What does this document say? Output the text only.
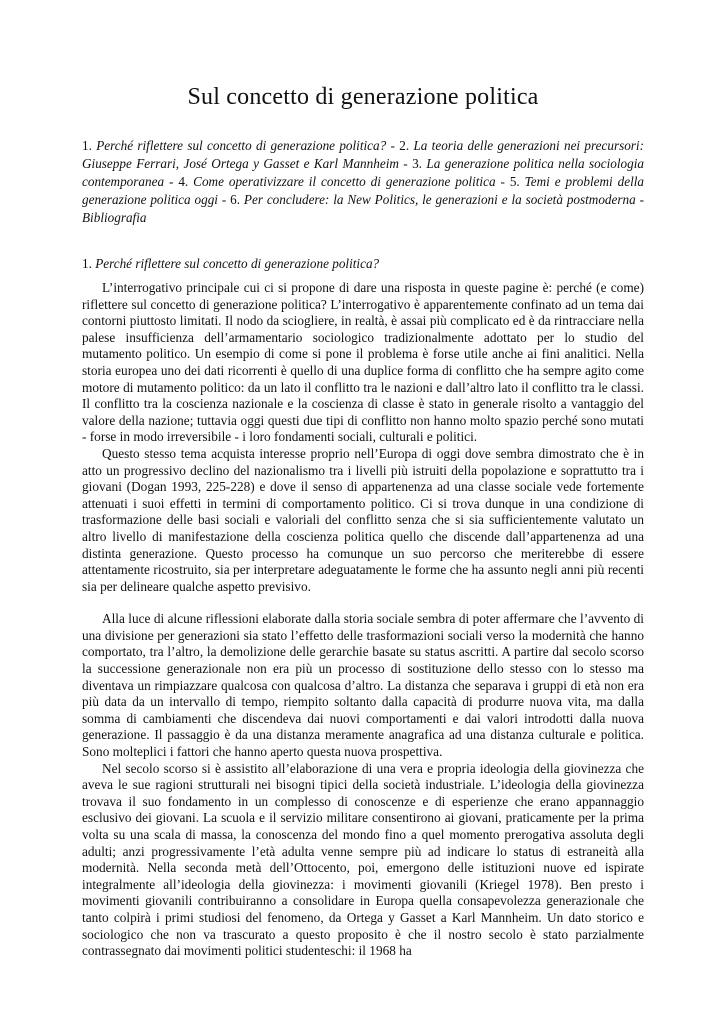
Sul concetto di generazione politica

1. Perché riflettere sul concetto di generazione politica? - 2. La teoria delle generazioni nei precursori: Giuseppe Ferrari, José Ortega y Gasset e Karl Mannheim - 3. La generazione politica nella sociologia contemporanea - 4. Come operativizzare il concetto di generazione politica - 5. Temi e problemi della generazione politica oggi - 6. Per concludere: la New Politics, le generazioni e la società postmoderna - Bibliografia

1. Perché riflettere sul concetto di generazione politica?

L’interrogativo principale cui ci si propone di dare una risposta in queste pagine è: perché (e come) riflettere sul concetto di generazione politica? L’interrogativo è apparentemente confinato ad un tema dai contorni piuttosto limitati. Il nodo da sciogliere, in realtà, è assai più complicato ed è da rintracciare nella palese insufficienza dell’armamentario sociologico tradizionalmente adottato per lo studio del mutamento politico. Un esempio di come si pone il problema è forse utile anche ai fini analitici. Nella storia europea uno dei dati ricorrenti è quello di una duplice forma di conflitto che ha sempre agito come motore di mutamento politico: da un lato il conflitto tra le nazioni e dall’altro lato il conflitto tra le classi. Il conflitto tra la coscienza nazionale e la coscienza di classe è stato in generale risolto a vantaggio del valore della nazione; tuttavia oggi questi due tipi di conflitto non hanno molto spazio perché sono mutati - forse in modo irreversibile - i loro fondamenti sociali, culturali e politici.

Questo stesso tema acquista interesse proprio nell’Europa di oggi dove sembra dimostrato che è in atto un progressivo declino del nazionalismo tra i livelli più istruiti della popolazione e soprattutto tra i giovani (Dogan 1993, 225-228) e dove il senso di appartenenza ad una classe sociale vede fortemente attenuati i suoi effetti in termini di comportamento politico. Ci si trova dunque in una condizione di trasformazione delle basi sociali e valoriali del conflitto senza che si sia sufficientemente valutato un altro livello di manifestazione della coscienza politica quello che discende dall’appartenenza ad una distinta generazione. Questo processo ha comunque un suo percorso che meriterebbe di essere attentamente ricostruito, sia per interpretare adeguatamente le forme che ha assunto negli anni più recenti sia per delineare qualche aspetto previsivo.

Alla luce di alcune riflessioni elaborate dalla storia sociale sembra di poter affermare che l’avvento di una divisione per generazioni sia stato l’effetto delle trasformazioni sociali verso la modernità che hanno comportato, tra l’altro, la demolizione delle gerarchie basate su status ascritti. A partire dal secolo scorso la successione generazionale non era più un processo di sostituzione dello stesso con lo stesso ma diventava un rimpiazzare qualcosa con qualcosa d’altro. La distanza che separava i gruppi di età non era più data da un intervallo di tempo, riempito soltanto dalla capacità di produrre nuova vita, ma dalla somma di cambiamenti che discendeva dai nuovi comportamenti e dai valori introdotti dalla nuova generazione. Il passaggio è da una distanza meramente anagrafica ad una distanza culturale e politica. Sono molteplici i fattori che hanno aperto questa nuova prospettiva.

Nel secolo scorso si è assistito all’elaborazione di una vera e propria ideologia della giovinezza che aveva le sue ragioni strutturali nei bisogni tipici della società industriale. L’ideologia della giovinezza trovava il suo fondamento in un complesso di conoscenze e di esperienze che erano appannaggio esclusivo dei giovani. La scuola e il servizio militare consentirono ai giovani, praticamente per la prima volta su una scala di massa, la conoscenza del mondo fino a quel momento prerogativa assoluta degli adulti; anzi progressivamente l’età adulta venne sempre più ad indicare lo status di estraneità alla modernità. Nella seconda metà dell’Ottocento, poi, emergono delle istituzioni nuove ed ispirate integralmente all’ideologia della giovinezza: i movimenti giovanili (Kriegel 1978). Ben presto i movimenti giovanili contribuiranno a consolidare in Europa quella consapevolezza generazionale che tanto colpirà i primi studiosi del fenomeno, da Ortega y Gasset a Karl Mannheim. Un dato storico e sociologico che non va trascurato a questo proposito è che il nostro secolo è stato parzialmente contrassegnato dai movimenti politici studenteschi: il 1968 ha
